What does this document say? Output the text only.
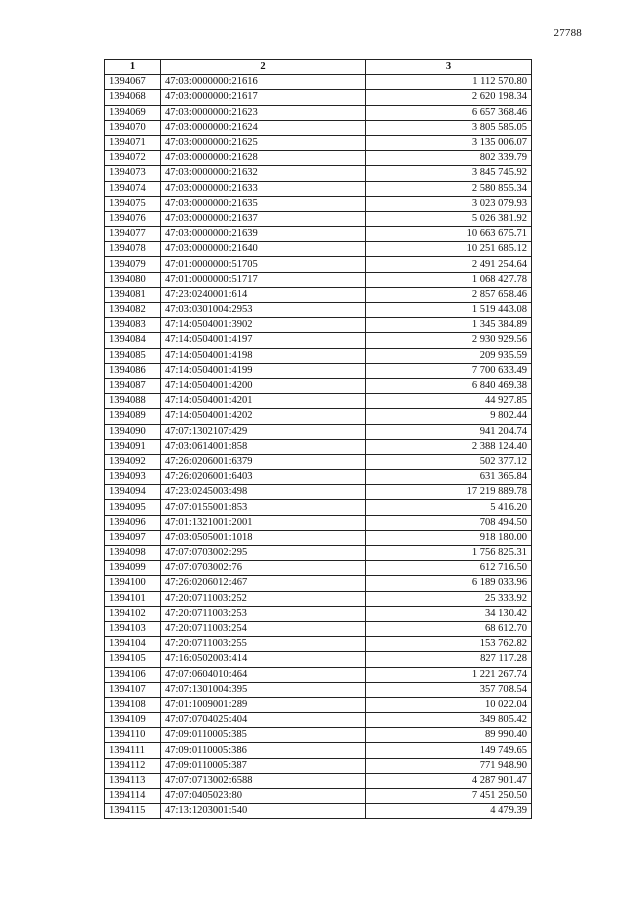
27788
1	2	3
1394067	47:03:0000000:21616	1 112 570.80
1394068	47:03:0000000:21617	2 620 198.34
1394069	47:03:0000000:21623	6 657 368.46
1394070	47:03:0000000:21624	3 805 585.05
1394071	47:03:0000000:21625	3 135 006.07
1394072	47:03:0000000:21628	802 339.79
1394073	47:03:0000000:21632	3 845 745.92
1394074	47:03:0000000:21633	2 580 855.34
1394075	47:03:0000000:21635	3 023 079.93
1394076	47:03:0000000:21637	5 026 381.92
1394077	47:03:0000000:21639	10 663 675.71
1394078	47:03:0000000:21640	10 251 685.12
1394079	47:01:0000000:51705	2 491 254.64
1394080	47:01:0000000:51717	1 068 427.78
1394081	47:23:0240001:614	2 857 658.46
1394082	47:03:0301004:2953	1 519 443.08
1394083	47:14:0504001:3902	1 345 384.89
1394084	47:14:0504001:4197	2 930 929.56
1394085	47:14:0504001:4198	209 935.59
1394086	47:14:0504001:4199	7 700 633.49
1394087	47:14:0504001:4200	6 840 469.38
1394088	47:14:0504001:4201	44 927.85
1394089	47:14:0504001:4202	9 802.44
1394090	47:07:1302107:429	941 204.74
1394091	47:03:0614001:858	2 388 124.40
1394092	47:26:0206001:6379	502 377.12
1394093	47:26:0206001:6403	631 365.84
1394094	47:23:0245003:498	17 219 889.78
1394095	47:07:0155001:853	5 416.20
1394096	47:01:1321001:2001	708 494.50
1394097	47:03:0505001:1018	918 180.00
1394098	47:07:0703002:295	1 756 825.31
1394099	47:07:0703002:76	612 716.50
1394100	47:26:0206012:467	6 189 033.96
1394101	47:20:0711003:252	25 333.92
1394102	47:20:0711003:253	34 130.42
1394103	47:20:0711003:254	68 612.70
1394104	47:20:0711003:255	153 762.82
1394105	47:16:0502003:414	827 117.28
1394106	47:07:0604010:464	1 221 267.74
1394107	47:07:1301004:395	357 708.54
1394108	47:01:1009001:289	10 022.04
1394109	47:07:0704025:404	349 805.42
1394110	47:09:0110005:385	89 990.40
1394111	47:09:0110005:386	149 749.65
1394112	47:09:0110005:387	771 948.90
1394113	47:07:0713002:6588	4 287 901.47
1394114	47:07:0405023:80	7 451 250.50
1394115	47:13:1203001:540	4 479.39
